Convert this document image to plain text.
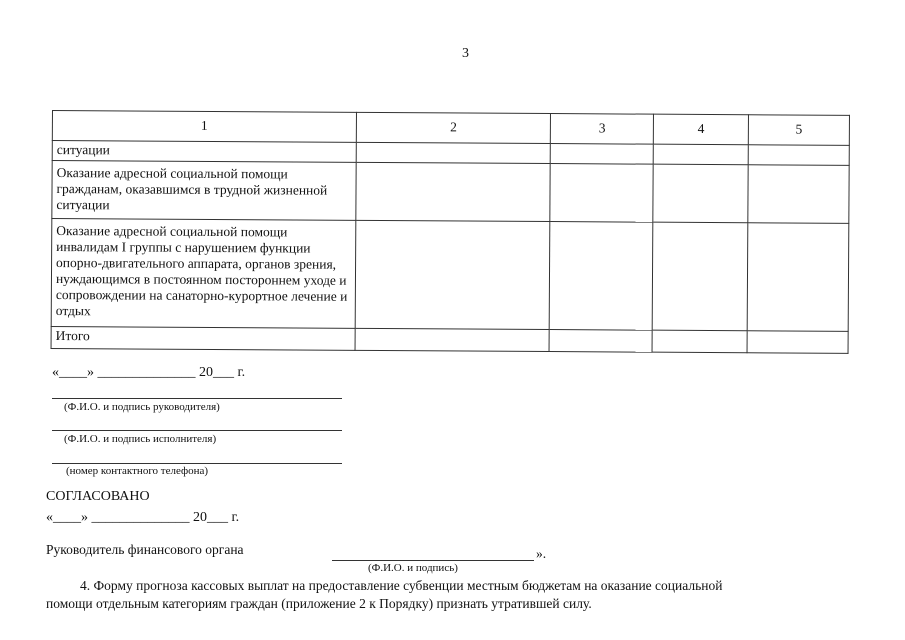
3
1	2	3	4	5
ситуации				
Оказание адресной социальной помощи гражданам, оказавшимся в трудной жизненной ситуации				
Оказание адресной социальной помощи инвалидам I группы с нарушением функции опорно-двигательного аппарата, органов зрения, нуждающимся в постоянном постороннем уходе и сопровождении на санаторно-курортное лечение и отдых				
Итого				
«____» ______________ 20___ г.
(Ф.И.О. и подпись руководителя)
(Ф.И.О. и подпись исполнителя)
(номер контактного телефона)
СОГЛАСОВАНО
«____» ______________ 20___ г.
Руководитель финансового органа	».
(Ф.И.О. и подпись)
4. Форму прогноза кассовых выплат на предоставление субвенции местным бюджетам на оказание социальной
помощи отдельным категориям граждан (приложение 2 к Порядку) признать утратившей силу.
